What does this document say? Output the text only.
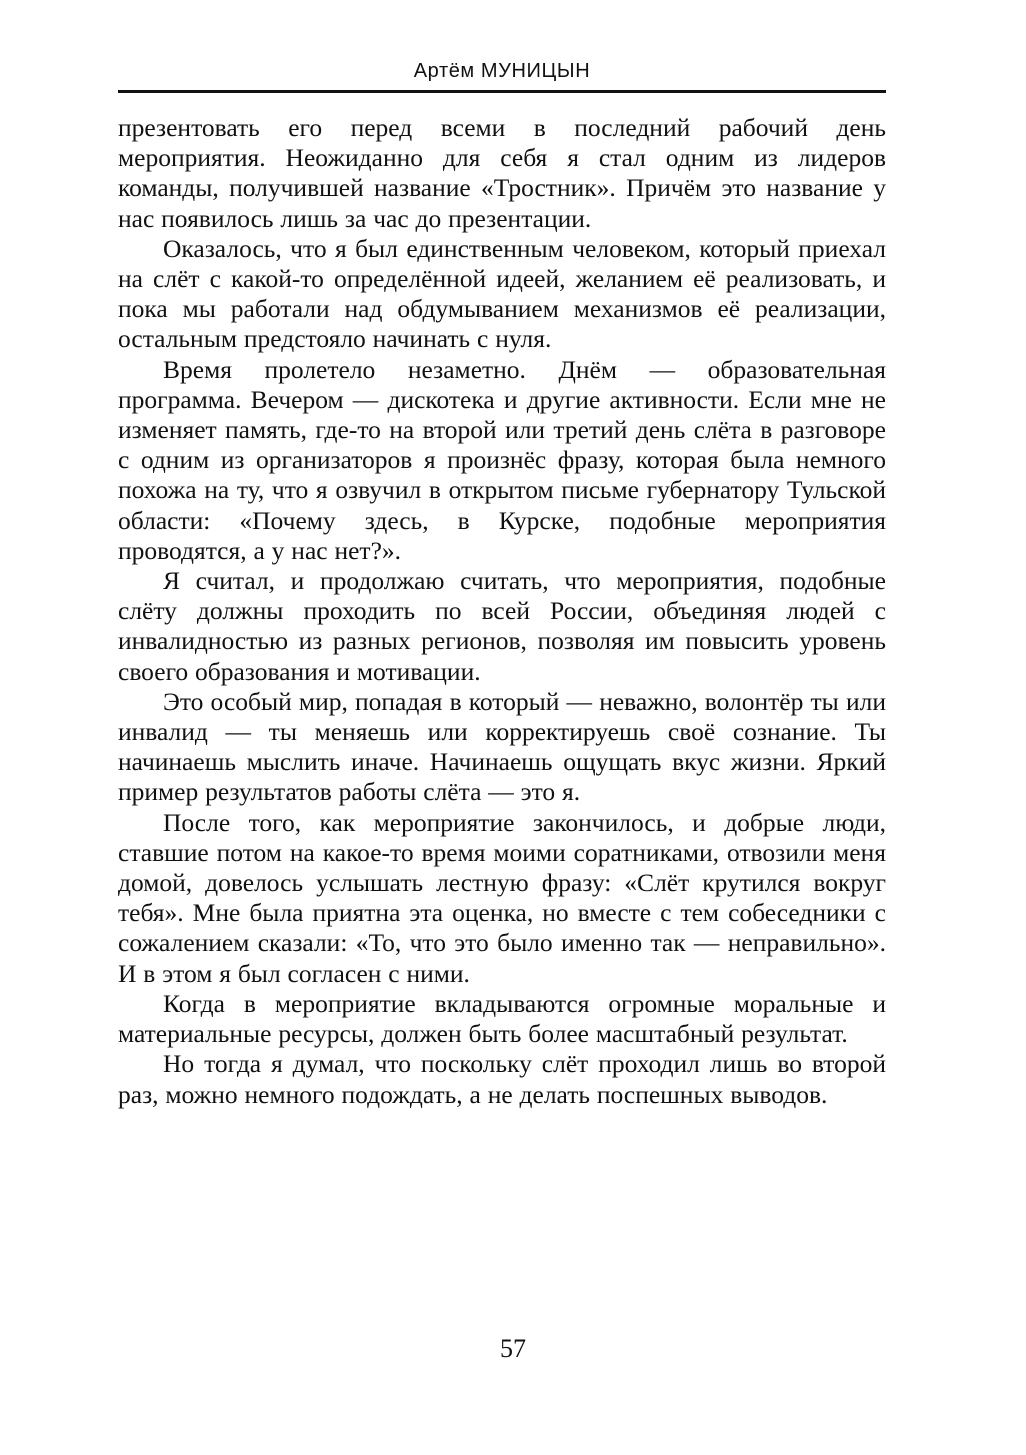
Артём МУНИЦЫН

презентовать его перед всеми в последний рабочий день мероприятия. Неожиданно для себя я стал одним из лидеров команды, получившей название «Тростник». Причём это название у нас появилось лишь за час до презентации.

Оказалось, что я был единственным человеком, который приехал на слёт с какой-то определённой идеей, желанием её реализовать, и пока мы работали над обдумыванием механизмов её реализации, остальным предстояло начинать с нуля.

Время пролетело незаметно. Днём — образовательная программа. Вечером — дискотека и другие активности. Если мне не изменяет память, где-то на второй или третий день слёта в разговоре с одним из организаторов я произнёс фразу, которая была немного похожа на ту, что я озвучил в открытом письме губернатору Тульской области: «Почему здесь, в Курске, подобные мероприятия проводятся, а у нас нет?».

Я считал, и продолжаю считать, что мероприятия, подобные слёту должны проходить по всей России, объединяя людей с инвалидностью из разных регионов, позволяя им повысить уровень своего образования и мотивации.

Это особый мир, попадая в который — неважно, волонтёр ты или инвалид — ты меняешь или корректируешь своё сознание. Ты начинаешь мыслить иначе. Начинаешь ощущать вкус жизни. Яркий пример результатов работы слёта — это я.

После того, как мероприятие закончилось, и добрые люди, ставшие потом на какое-то время моими соратниками, отвозили меня домой, довелось услышать лестную фразу: «Слёт крутился вокруг тебя». Мне была приятна эта оценка, но вместе с тем собеседники с сожалением сказали: «То, что это было именно так — неправильно». И в этом я был согласен с ними.

Когда в мероприятие вкладываются огромные моральные и материальные ресурсы, должен быть более масштабный результат.

Но тогда я думал, что поскольку слёт проходил лишь во второй раз, можно немного подождать, а не делать поспешных выводов.

57
